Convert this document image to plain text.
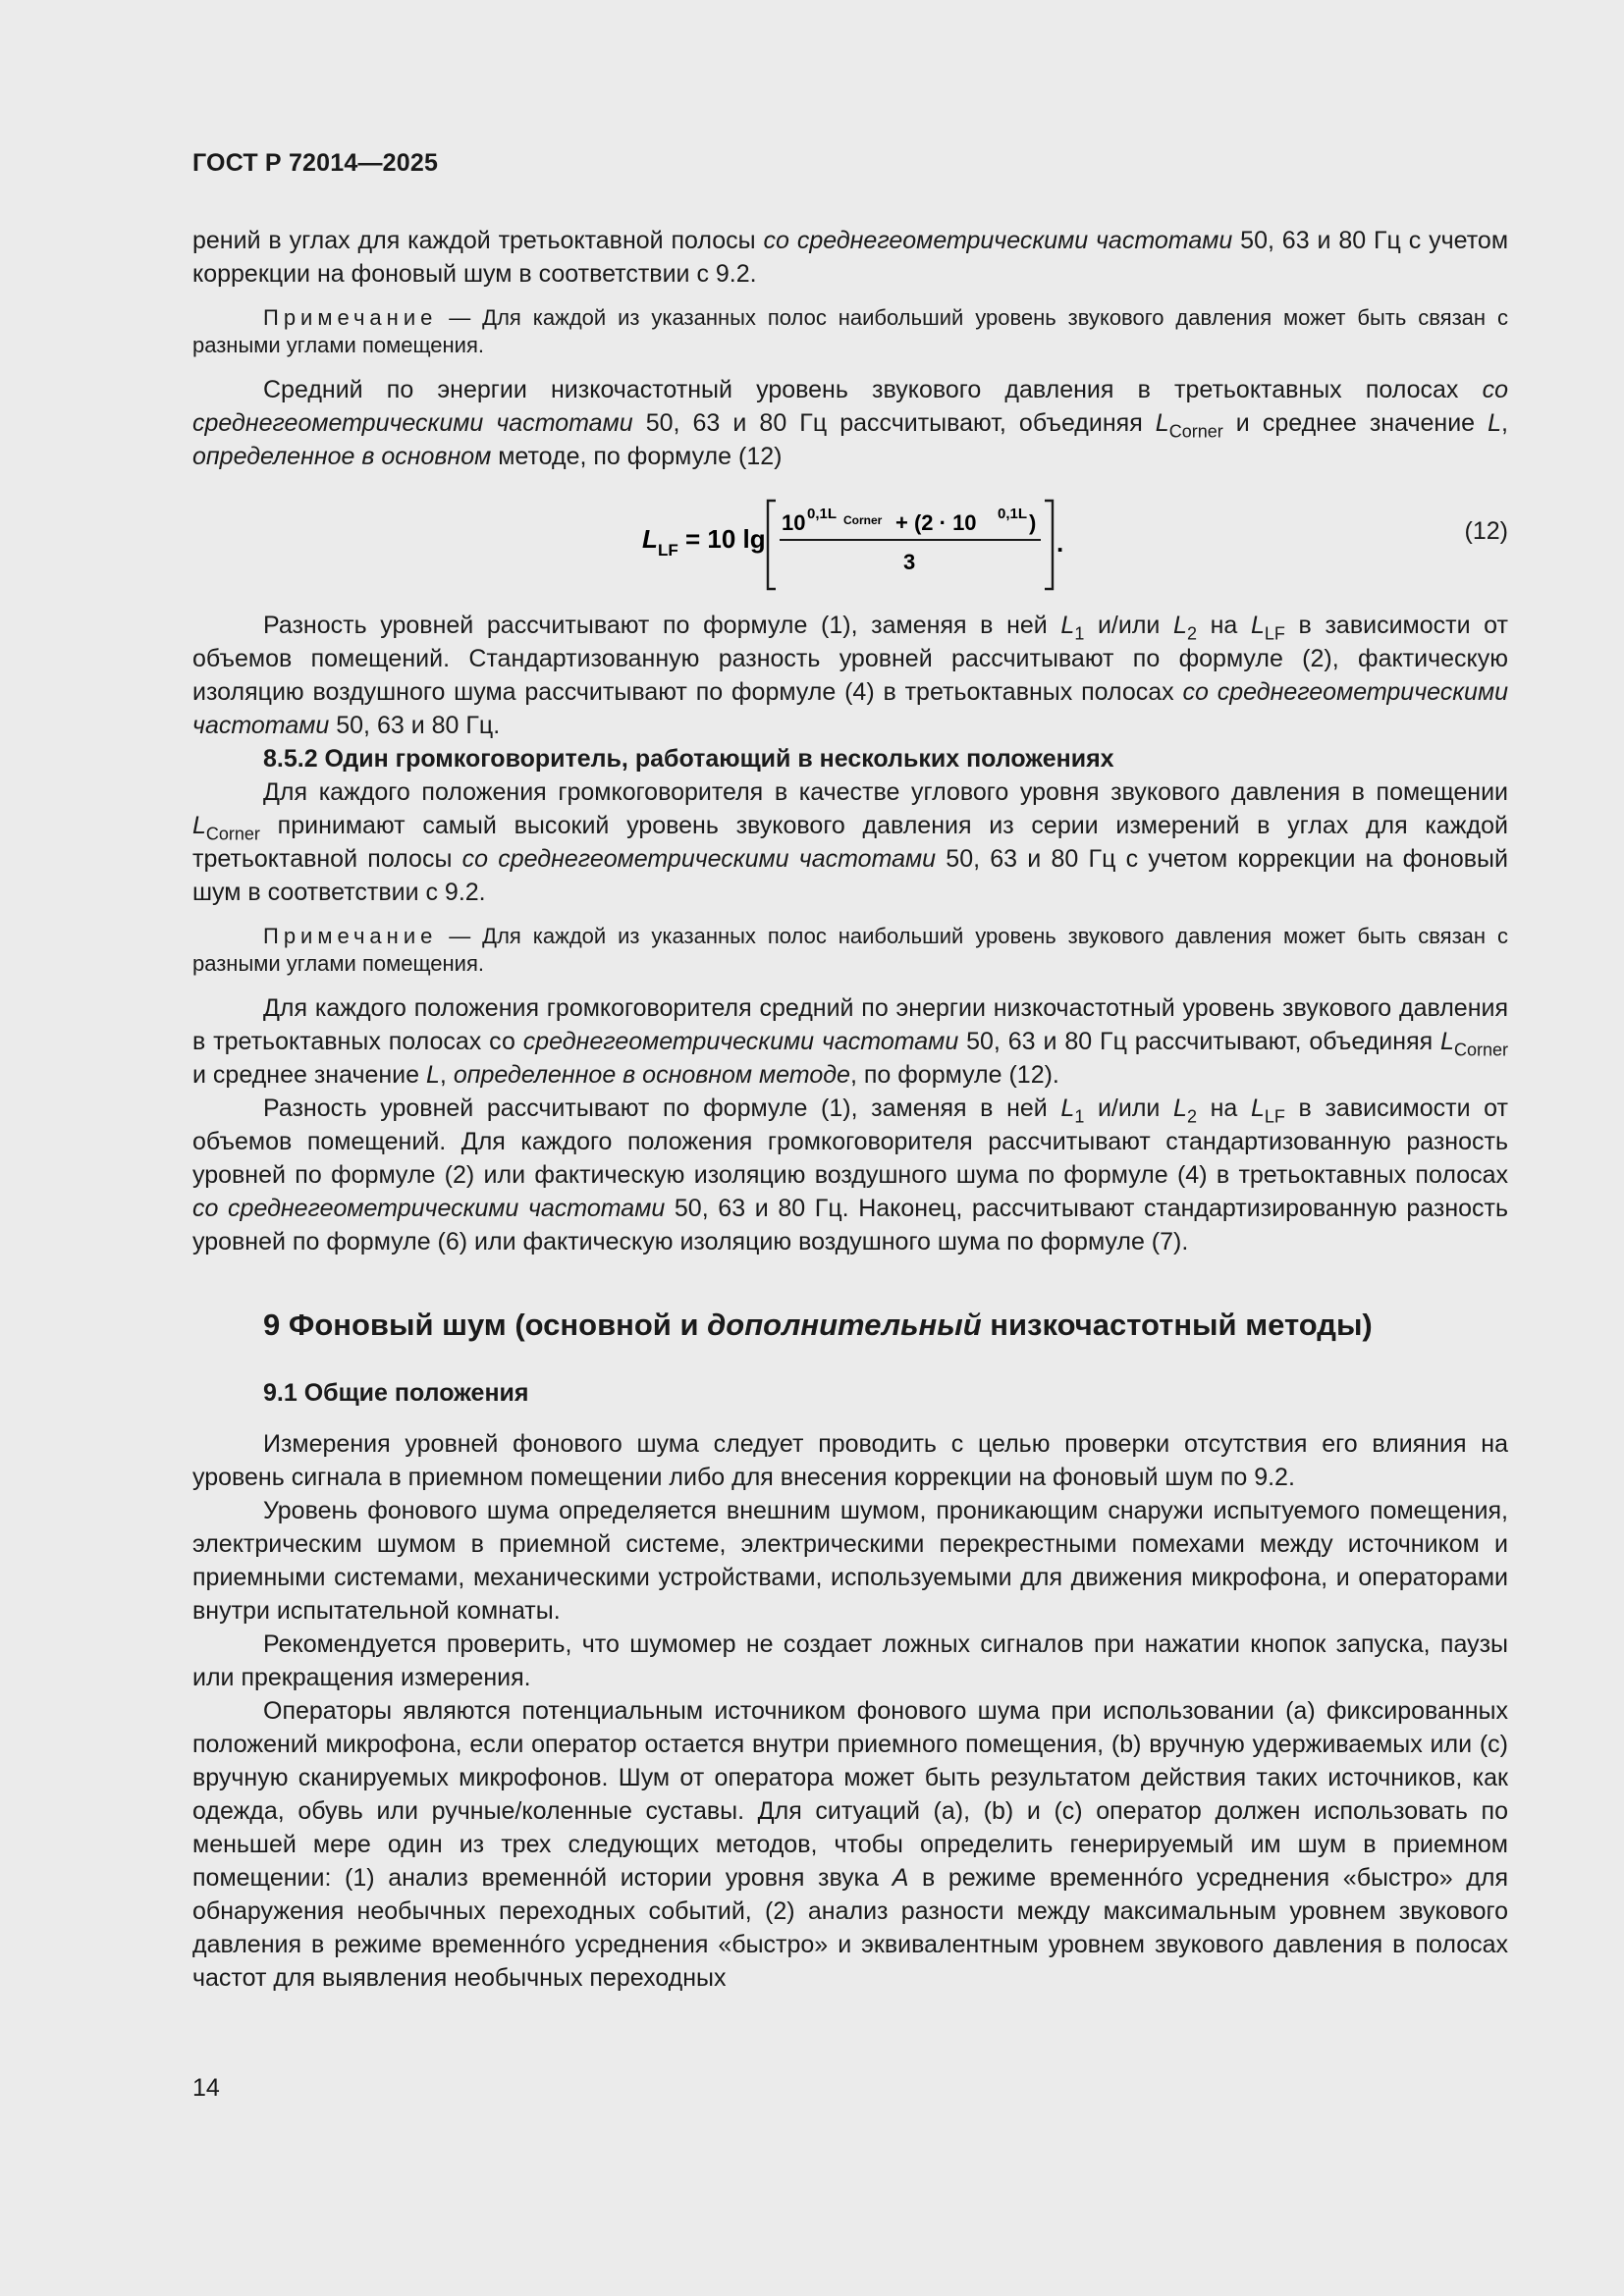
ГОСТ Р 72014—2025

рений в углах для каждой третьоктавной полосы со среднегеометрическими частотами 50, 63 и 80 Гц с учетом коррекции на фоновый шум в соответствии с 9.2.

Примечание — Для каждой из указанных полос наибольший уровень звукового давления может быть связан с разными углами помещения.

Средний по энергии низкочастотный уровень звукового давления в третьоктавных полосах со среднегеометрическими частотами 50, 63 и 80 Гц рассчитывают, объединяя $L_{Corner}$ и среднее значение L, определенное в основном методе, по формуле (12)

L LF = 10 lg
10 0,1L Corner + (2 · 10 0,1L )
3
.	(12)

Разность уровней рассчитывают по формуле (1), заменяя в ней $L_1$ и/или $L_2$ на $L_{LF}$ в зависимости от объемов помещений. Стандартизованную разность уровней рассчитывают по формуле (2), фактическую изоляцию воздушного шума рассчитывают по формуле (4) в третьоктавных полосах со среднегеометрическими частотами 50, 63 и 80 Гц.

8.5.2 Один громкоговоритель, работающий в нескольких положениях

Для каждого положения громкоговорителя в качестве углового уровня звукового давления в помещении $L_{Corner}$ принимают самый высокий уровень звукового давления из серии измерений в углах для каждой третьоктавной полосы со среднегеометрическими частотами 50, 63 и 80 Гц с учетом коррекции на фоновый шум в соответствии с 9.2.

Примечание — Для каждой из указанных полос наибольший уровень звукового давления может быть связан с разными углами помещения.

Для каждого положения громкоговорителя средний по энергии низкочастотный уровень звукового давления в третьоктавных полосах со среднегеометрическими частотами 50, 63 и 80 Гц рассчитывают, объединяя $L_{Corner}$ и среднее значение L, определенное в основном методе, по формуле (12).

Разность уровней рассчитывают по формуле (1), заменяя в ней $L_1$ и/или $L_2$ на $L_{LF}$ в зависимости от объемов помещений. Для каждого положения громкоговорителя рассчитывают стандартизованную разность уровней по формуле (2) или фактическую изоляцию воздушного шума по формуле (4) в третьоктавных полосах со среднегеометрическими частотами 50, 63 и 80 Гц. Наконец, рассчитывают стандартизированную разность уровней по формуле (6) или фактическую изоляцию воздушного шума по формуле (7).

9 Фоновый шум (основной и дополнительный низкочастотный методы)

9.1 Общие положения

Измерения уровней фонового шума следует проводить с целью проверки отсутствия его влияния на уровень сигнала в приемном помещении либо для внесения коррекции на фоновый шум по 9.2.

Уровень фонового шума определяется внешним шумом, проникающим снаружи испытуемого помещения, электрическим шумом в приемной системе, электрическими перекрестными помехами между источником и приемными системами, механическими устройствами, используемыми для движения микрофона, и операторами внутри испытательной комнаты.

Рекомендуется проверить, что шумомер не создает ложных сигналов при нажатии кнопок запуска, паузы или прекращения измерения.

Операторы являются потенциальным источником фонового шума при использовании (a) фиксированных положений микрофона, если оператор остается внутри приемного помещения, (b) вручную удерживаемых или (c) вручную сканируемых микрофонов. Шум от оператора может быть результатом действия таких источников, как одежда, обувь или ручные/коленные суставы. Для ситуаций (a), (b) и (c) оператор должен использовать по меньшей мере один из трех следующих методов, чтобы определить генерируемый им шум в приемном помещении: (1) анализ временно́й истории уровня звука A в режиме временно́го усреднения «быстро» для обнаружения необычных переходных событий, (2) анализ разности между максимальным уровнем звукового давления в режиме временно́го усреднения «быстро» и эквивалентным уровнем звукового давления в полосах частот для выявления необычных переходных

14
